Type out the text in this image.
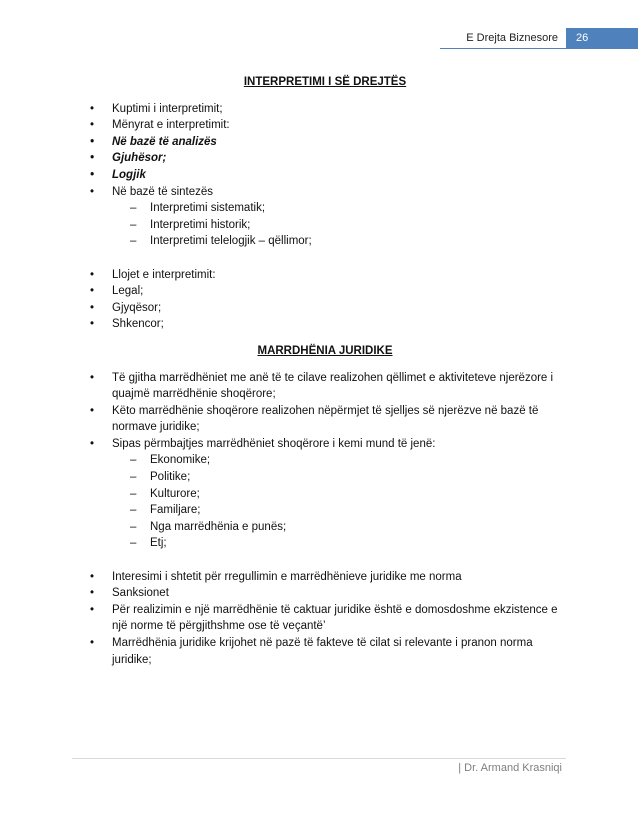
E Drejta Biznesore	26
INTERPRETIMI I SË DREJTËS
• Kuptimi i interpretimit;
• Mënyrat e interpretimit:
• Në bazë të analizës
• Gjuhësor;
• Logjik
• Në bazë të sintezës
– Interpretimi sistematik;
– Interpretimi historik;
– Interpretimi telelogjik – qëllimor;
• Llojet e interpretimit:
• Legal;
• Gjyqësor;
• Shkencor;
MARRDHËNIA JURIDIKE
• Të gjitha marrëdhëniet me anë të te cilave realizohen qëllimet e aktiviteteve njerëzore i quajmë marrëdhënie shoqërore;
• Këto marrëdhënie shoqërore realizohen nëpërmjet të sjelljes së njerëzve në bazë të normave juridike;
• Sipas përmbajtjes marrëdhëniet shoqërore i kemi mund të jenë:
– Ekonomike;
– Politike;
– Kulturore;
– Familjare;
– Nga marrëdhënia e punës;
– Etj;
• Interesimi i shtetit për rregullimin e marrëdhënieve juridike me norma
• Sanksionet
• Për realizimin e një marrëdhënie të caktuar juridike është e domosdoshme ekzistence e një norme të përgjithshme ose të veçantë’
• Marrëdhënia juridike krijohet në pazë të fakteve të cilat si relevante i pranon norma juridike;
| Dr. Armand Krasniqi
